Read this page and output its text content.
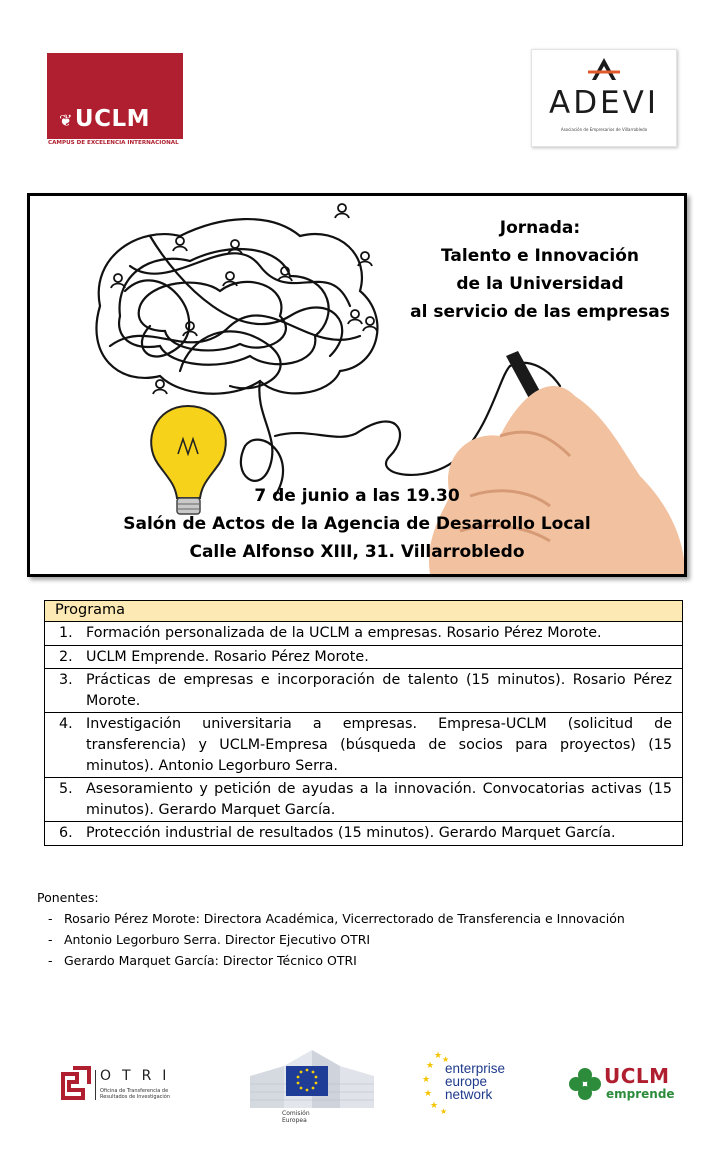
❦UCLM
CAMPUS DE EXCELENCIA INTERNACIONAL
ADEVI
Asociación de Empresarios de Villarrobledo
Jornada:
Talento e Innovación
de la Universidad
al servicio de las empresas
7 de junio a las 19.30
Salón de Actos de la Agencia de Desarrollo Local
Calle Alfonso XIII, 31. Villarrobledo
Programa
1. Formación personalizada de la UCLM a empresas. Rosario Pérez Morote.
2. UCLM Emprende. Rosario Pérez Morote.
3. Prácticas de empresas e incorporación de talento (15 minutos). Rosario Pérez Morote.
4. Investigación universitaria a empresas. Empresa-UCLM (solicitud de transferencia) y UCLM-Empresa (búsqueda de socios para proyectos) (15 minutos). Antonio Legorburo Serra.
5. Asesoramiento y petición de ayudas a la innovación. Convocatorias activas (15 minutos). Gerardo Marquet García.
6. Protección industrial de resultados (15 minutos). Gerardo Marquet García.
Ponentes:
- Rosario Pérez Morote: Directora Académica, Vicerrectorado de Transferencia e Innovación
- Antonio Legorburo Serra. Director Ejecutivo OTRI
- Gerardo Marquet García: Director Técnico OTRI
OTRI
Oficina de Transferencia de
Resultados de Investigación
Comisión
Europea
★ ★
★
★
★
★
★
enterprise
europe
network
UCLM
emprende
